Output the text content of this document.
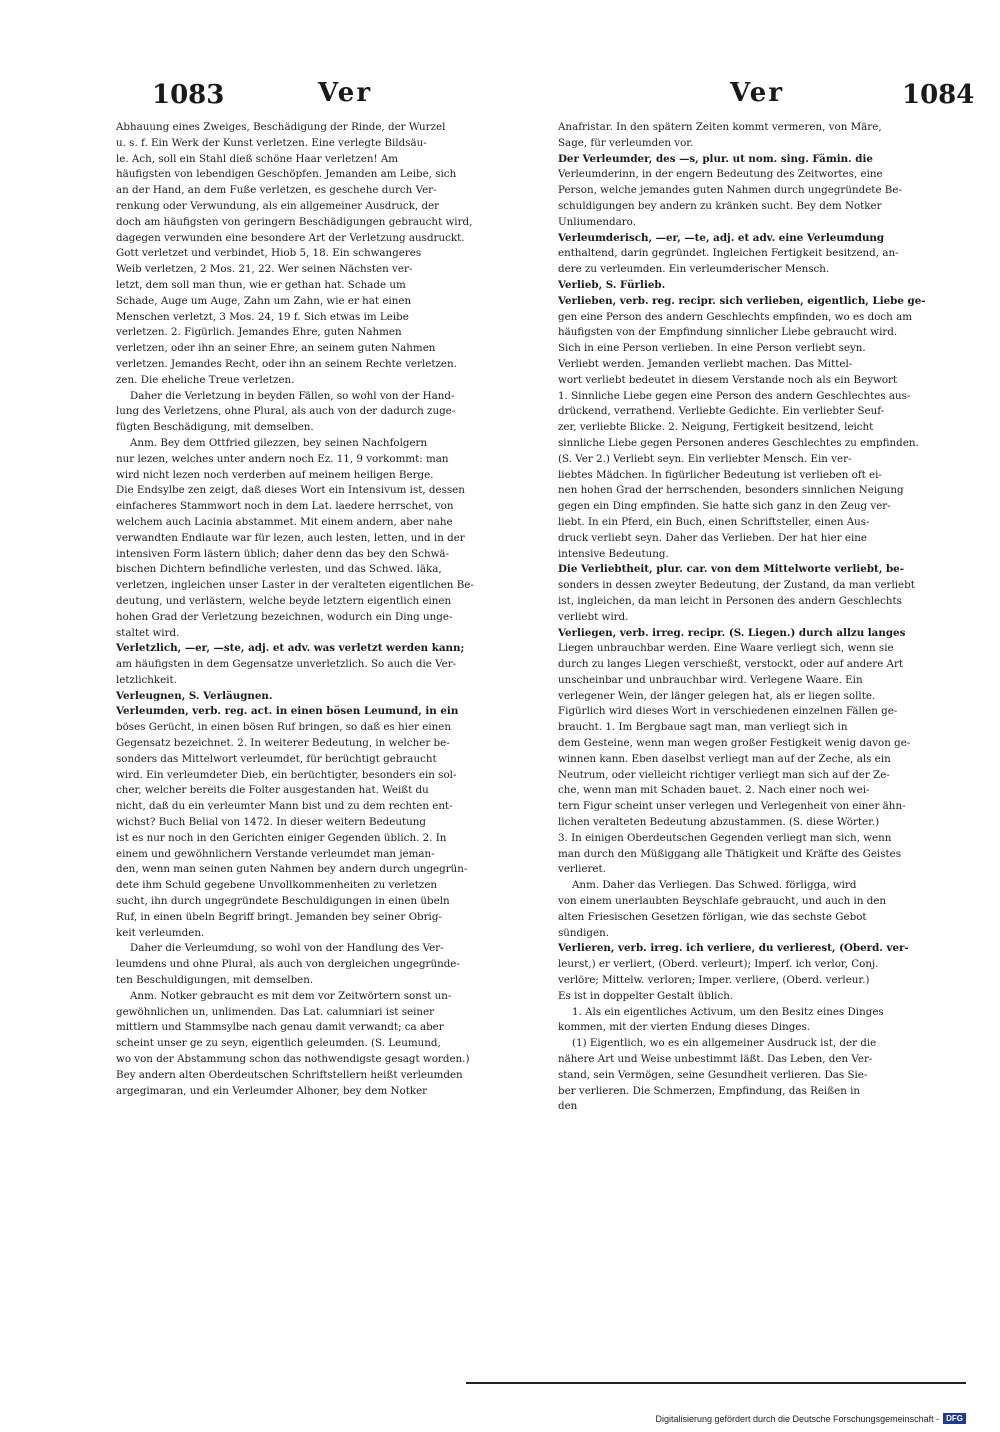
1083	Ver	Ver	1084

Abhauung eines Zweiges, Beschädigung der Rinde, der Wurzel

u. s. f. Ein Werk der Kunst verletzen. Eine verlegte Bildsäu-

le. Ach, soll ein Stahl dieß schöne Haar verletzen! Am

häufigsten von lebendigen Geschöpfen. Jemanden am Leibe, sich

an der Hand, an dem Fuße verletzen, es geschehe durch Ver-

renkung oder Verwundung, als ein allgemeiner Ausdruck, der

doch am häufigsten von geringern Beschädigungen gebraucht wird,

dagegen verwunden eine besondere Art der Verletzung ausdruckt.

Gott verletzet und verbindet, Hiob 5, 18. Ein schwangeres

Weib verletzen, 2 Mos. 21, 22. Wer seinen Nächsten ver-

letzt, dem soll man thun, wie er gethan hat. Schade um

Schade, Auge um Auge, Zahn um Zahn, wie er hat einen

Menschen verletzt, 3 Mos. 24, 19 f. Sich etwas im Leibe

verletzen. 2. Figürlich. Jemandes Ehre, guten Nahmen

verletzen, oder ihn an seiner Ehre, an seinem guten Nahmen

verletzen. Jemandes Recht, oder ihn an seinem Rechte verletzen.

zen. Die eheliche Treue verletzen.

Daher die Verletzung in beyden Fällen, so wohl von der Hand-

lung des Verletzens, ohne Plural, als auch von der dadurch zuge-

fügten Beschädigung, mit demselben.

Anm. Bey dem Ottfried gilezzen, bey seinen Nachfolgern

nur lezen, welches unter andern noch Ez. 11, 9 vorkommt: man

wird nicht lezen noch verderben auf meinem heiligen Berge.

Die Endsylbe zen zeigt, daß dieses Wort ein Intensivum ist, dessen

einfacheres Stammwort noch in dem Lat. laedere herrschet, von

welchem auch Lacinia abstammet. Mit einem andern, aber nahe

verwandten Endlaute war für lezen, auch lesten, letten, und in der

intensiven Form lästern üblich; daher denn das bey den Schwä-

bischen Dichtern befindliche verlesten, und das Schwed. läka,

verletzen, ingleichen unser Laster in der veralteten eigentlichen Be-

deutung, und verlästern, welche beyde letztern eigentlich einen

hohen Grad der Verletzung bezeichnen, wodurch ein Ding unge-

staltet wird.

Verletzlich, —er, —ste, adj. et adv. was verletzt werden kann;

am häufigsten in dem Gegensatze unverletzlich. So auch die Ver-

letzlichkeit.

Verleugnen, S. Verläugnen.

Verleumden, verb. reg. act. in einen bösen Leumund, in ein

böses Gerücht, in einen bösen Ruf bringen, so daß es hier einen

Gegensatz bezeichnet. 2. In weiterer Bedeutung, in welcher be-

sonders das Mittelwort verleumdet, für berüchtigt gebraucht

wird. Ein verleumdeter Dieb, ein berüchtigter, besonders ein sol-

cher, welcher bereits die Folter ausgestanden hat. Weißt du

nicht, daß du ein verleumter Mann bist und zu dem rechten ent-

wichst? Buch Belial von 1472. In dieser weitern Bedeutung

ist es nur noch in den Gerichten einiger Gegenden üblich. 2. In

einem und gewöhnlichern Verstande verleumdet man jeman-

den, wenn man seinen guten Nahmen bey andern durch ungegrün-

dete ihm Schuld gegebene Unvollkommenheiten zu verletzen

sucht, ihn durch ungegründete Beschuldigungen in einen übeln

Ruf, in einen übeln Begriff bringt. Jemanden bey seiner Obrig-

keit verleumden.

Daher die Verleumdung, so wohl von der Handlung des Ver-

leumdens und ohne Plural, als auch von dergleichen ungegründe-

ten Beschuldigungen, mit demselben.

Anm. Notker gebraucht es mit dem vor Zeitwörtern sonst un-

gewöhnlichen un, unlimenden. Das Lat. calumniari ist seiner

mittlern und Stammsylbe nach genau damit verwandt; ca aber

scheint unser ge zu seyn, eigentlich geleumden. (S. Leumund,

wo von der Abstammung schon das nothwendigste gesagt worden.)

Bey andern alten Oberdeutschen Schriftstellern heißt verleumden

argegimaran, und ein Verleumder Alhoner, bey dem Notker

Anafristar. In den spätern Zeiten kommt vermeren, von Märe,

Sage, für verleumden vor.

Der Verleumder, des —s, plur. ut nom. sing. Fämin. die

Verleumderinn, in der engern Bedeutung des Zeitwortes, eine

Person, welche jemandes guten Nahmen durch ungegründete Be-

schuldigungen bey andern zu kränken sucht. Bey dem Notker

Unliumendaro.

Verleumderisch, —er, —te, adj. et adv. eine Verleumdung

enthaltend, darin gegründet. Ingleichen Fertigkeit besitzend, an-

dere zu verleumden. Ein verleumderischer Mensch.

Verlieb, S. Fürlieb.

Verlieben, verb. reg. recipr. sich verlieben, eigentlich, Liebe ge-

gen eine Person des andern Geschlechts empfinden, wo es doch am

häufigsten von der Empfindung sinnlicher Liebe gebraucht wird.

Sich in eine Person verlieben. In eine Person verliebt seyn.

Verliebt werden. Jemanden verliebt machen. Das Mittel-

wort verliebt bedeutet in diesem Verstande noch als ein Beywort

1. Sinnliche Liebe gegen eine Person des andern Geschlechtes aus-

drückend, verrathend. Verliebte Gedichte. Ein verliebter Seuf-

zer, verliebte Blicke. 2. Neigung, Fertigkeit besitzend, leicht

sinnliche Liebe gegen Personen anderes Geschlechtes zu empfinden.

(S. Ver 2.) Verliebt seyn. Ein verliebter Mensch. Ein ver-

liebtes Mädchen. In figürlicher Bedeutung ist verlieben oft ei-

nen hohen Grad der herrschenden, besonders sinnlichen Neigung

gegen ein Ding empfinden. Sie hatte sich ganz in den Zeug ver-

liebt. In ein Pferd, ein Buch, einen Schriftsteller, einen Aus-

druck verliebt seyn. Daher das Verlieben. Der hat hier eine

intensive Bedeutung.

Die Verliebtheit, plur. car. von dem Mittelworte verliebt, be-

sonders in dessen zweyter Bedeutung, der Zustand, da man verliebt

ist, ingleichen, da man leicht in Personen des andern Geschlechts

verliebt wird.

Verliegen, verb. irreg. recipr. (S. Liegen.) durch allzu langes

Liegen unbrauchbar werden. Eine Waare verliegt sich, wenn sie

durch zu langes Liegen verschießt, verstockt, oder auf andere Art

unscheinbar und unbrauchbar wird. Verlegene Waare. Ein

verlegener Wein, der länger gelegen hat, als er liegen sollte.

Figürlich wird dieses Wort in verschiedenen einzelnen Fällen ge-

braucht. 1. Im Bergbaue sagt man, man verliegt sich in

dem Gesteine, wenn man wegen großer Festigkeit wenig davon ge-

winnen kann. Eben daselbst verliegt man auf der Zeche, als ein

Neutrum, oder vielleicht richtiger verliegt man sich auf der Ze-

che, wenn man mit Schaden bauet. 2. Nach einer noch wei-

tern Figur scheint unser verlegen und Verlegenheit von einer ähn-

lichen veralteten Bedeutung abzustammen. (S. diese Wörter.)

3. In einigen Oberdeutschen Gegenden verliegt man sich, wenn

man durch den Müßiggang alle Thätigkeit und Kräfte des Geistes

verlieret.

Anm. Daher das Verliegen. Das Schwed. förligga, wird

von einem unerlaubten Beyschlafe gebraucht, und auch in den

alten Friesischen Gesetzen förligan, wie das sechste Gebot

sündigen.

Verlieren, verb. irreg. ich verliere, du verlierest, (Oberd. ver-

leurst,) er verliert, (Oberd. verleurt); Imperf. ich verlor, Conj.

verlöre; Mittelw. verloren; Imper. verliere, (Oberd. verleur.)

Es ist in doppelter Gestalt üblich.

1. Als ein eigentliches Activum, um den Besitz eines Dinges

kommen, mit der vierten Endung dieses Dinges.

(1) Eigentlich, wo es ein allgemeiner Ausdruck ist, der die

nähere Art und Weise unbestimmt läßt. Das Leben, den Ver-

stand, sein Vermögen, seine Gesundheit verlieren. Das Sie-

ber verlieren. Die Schmerzen, Empfindung, das Reißen in

den

Digitalisierung gefördert durch die Deutsche Forschungsgemeinschaft - DFG
